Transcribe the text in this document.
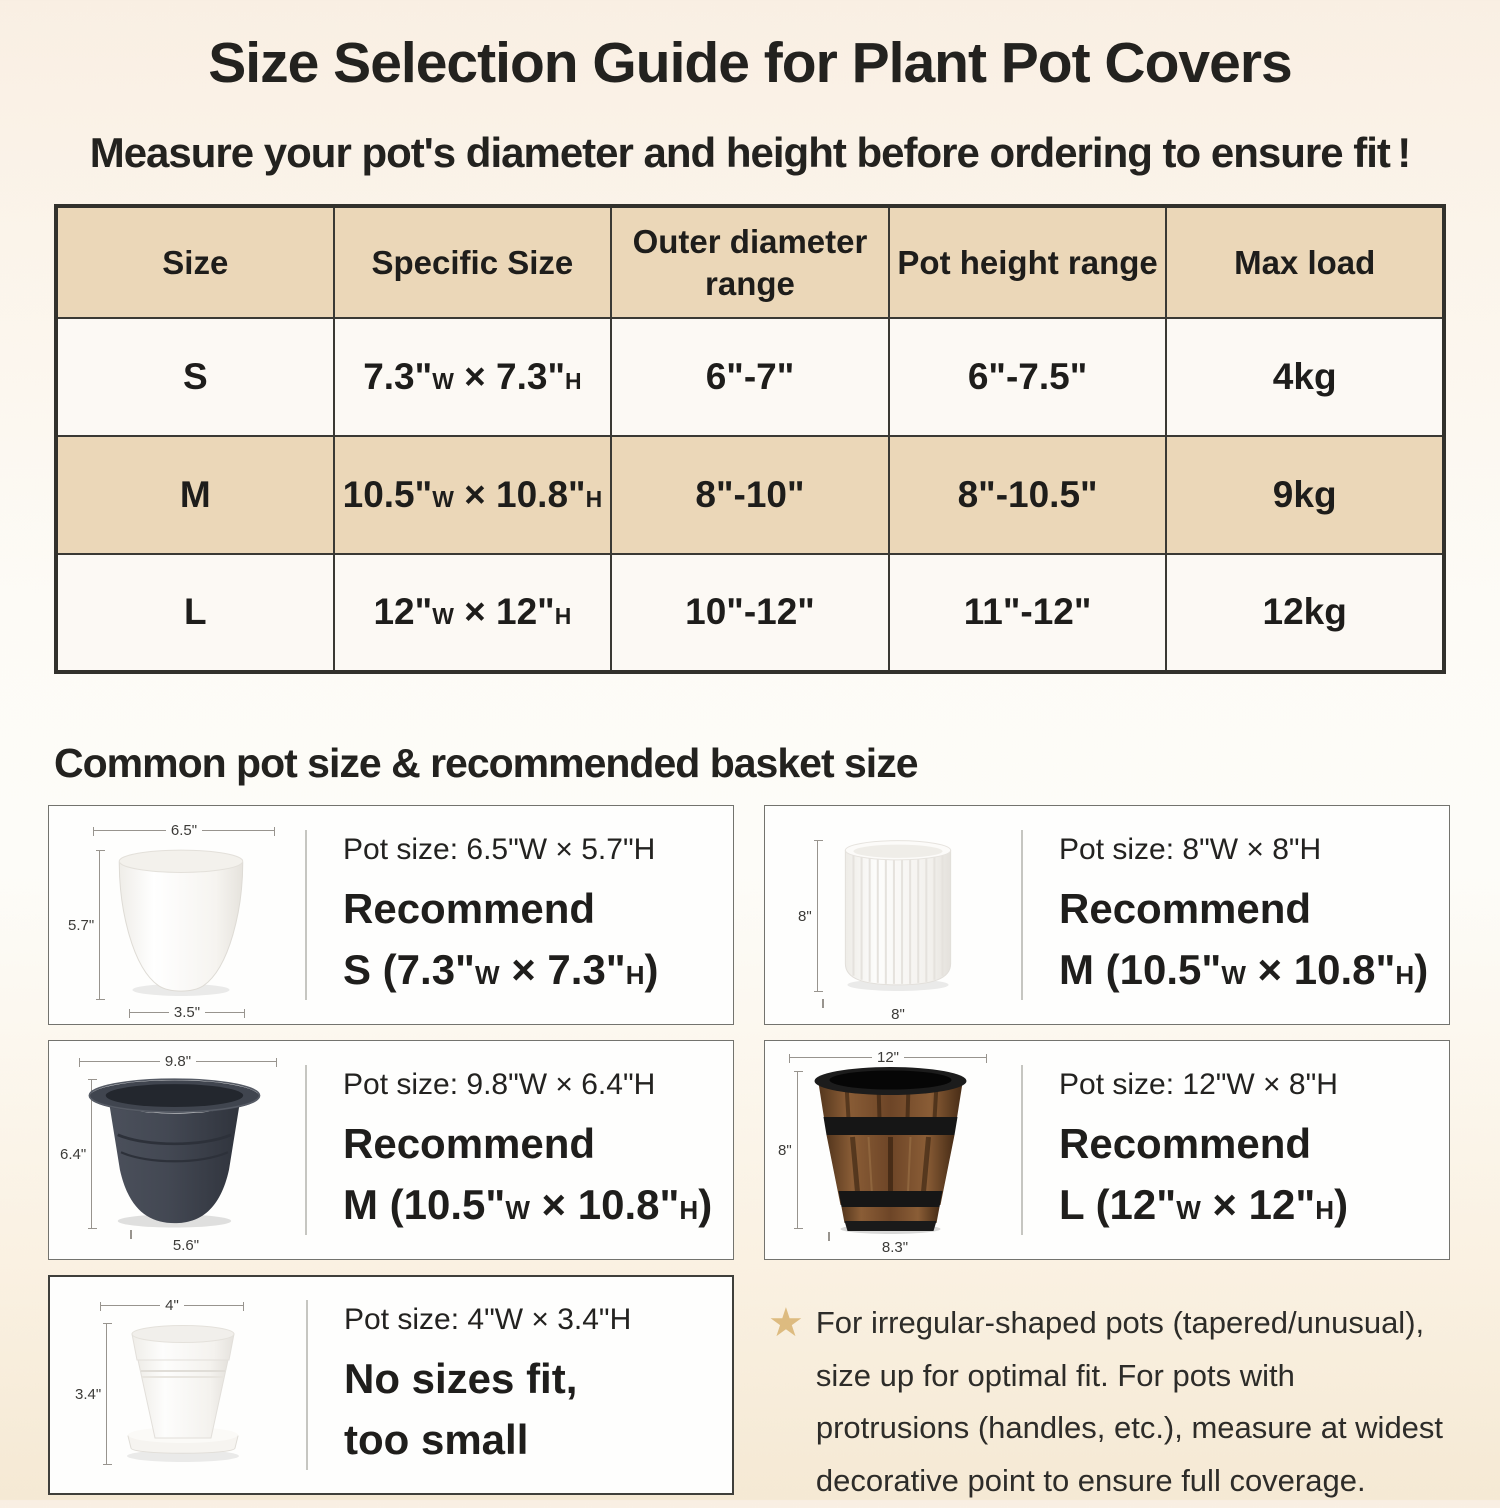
Size Selection Guide for Plant Pot Covers
Measure your pot's diameter and height before ordering to ensure fit !
Size	Specific Size	Outer diameter range	Pot height range	Max load
S	7.3"W × 7.3"H	6"-7"	6"-7.5"	4kg
M	10.5"W × 10.8"H	8"-10"	8"-10.5"	9kg
L	12"W × 12"H	10"-12"	11"-12"	12kg
Common pot size & recommended basket size
6.5"
5.7"
3.5"
Pot size: 6.5"W × 5.7"H
Recommend
S (7.3"W × 7.3"H)
8"
8"
Pot size: 8"W × 8"H
Recommend
M (10.5"W × 10.8"H)
9.8"
6.4"
5.6"
Pot size: 9.8"W × 6.4"H
Recommend
M (10.5"W × 10.8"H)
12"
8"
8.3"
Pot size: 12"W × 8"H
Recommend
L (12"W × 12"H)
4"
3.4"
Pot size: 4"W × 3.4"H
No sizes fit,
too small
★ For irregular-shaped pots (tapered/unusual), size up for optimal fit. For pots with protrusions (handles, etc.), measure at widest decorative point to ensure full coverage.
